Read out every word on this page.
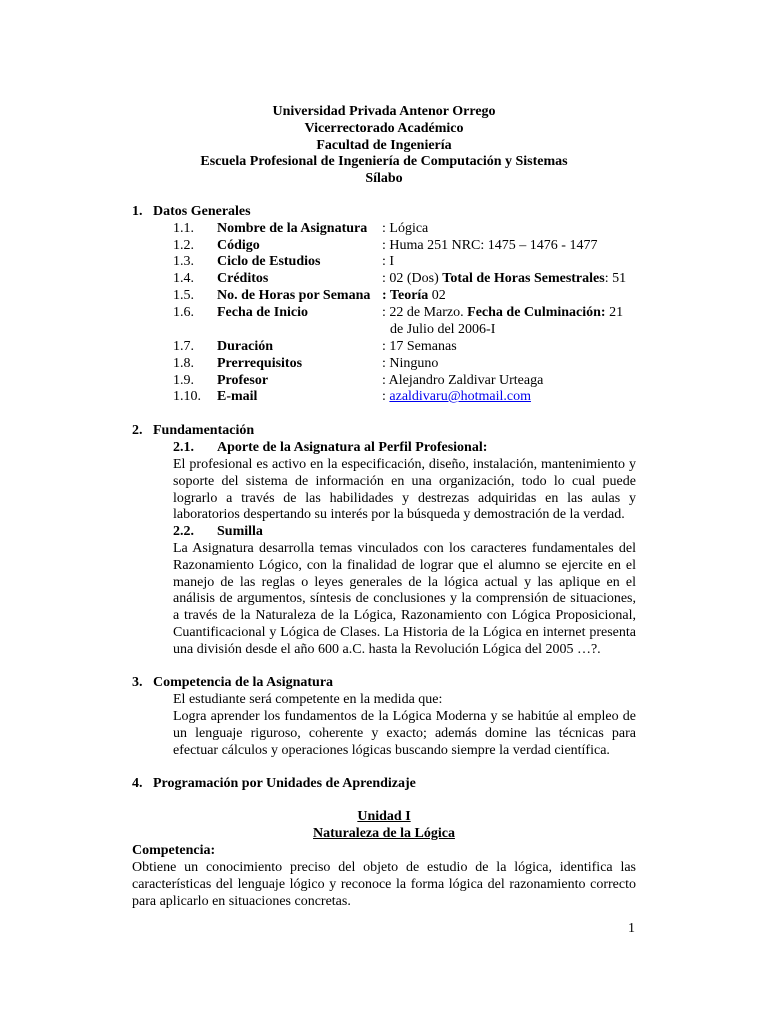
Universidad Privada Antenor Orrego
Vicerrectorado Académico
Facultad de Ingeniería
Escuela Profesional de Ingeniería de Computación y Sistemas
Sílabo
1. Datos Generales
1.1. Nombre de la Asignatura : Lógica
1.2. Código	: Huma 251 NRC: 1475 – 1476 - 1477
1.3. Ciclo de Estudios	: I
1.4. Créditos	: 02 (Dos) Total de Horas Semestrales: 51
1.5. No. de Horas por Semana : Teoría 02
1.6. Fecha de Inicio	: 22 de Marzo. Fecha de Culminación: 21
de Julio del 2006-I
1.7. Duración	: 17 Semanas
1.8. Prerrequisitos	: Ninguno
1.9. Profesor	: Alejandro Zaldivar Urteaga
1.10. E-mail	: azaldivaru@hotmail.com
2. Fundamentación
2.1. Aporte de la Asignatura al Perfil Profesional:
El profesional es activo en la especificación, diseño, instalación, mantenimiento y soporte del sistema de información en una organización, todo lo cual puede lograrlo a través de las habilidades y destrezas adquiridas en las aulas y laboratorios despertando su interés por la búsqueda y demostración de la verdad.
2.2. Sumilla
La Asignatura desarrolla temas vinculados con los caracteres fundamentales del Razonamiento Lógico, con la finalidad de lograr que el alumno se ejercite en el manejo de las reglas o leyes generales de la lógica actual y las aplique en el análisis de argumentos, síntesis de conclusiones y la comprensión de situaciones, a través de la Naturaleza de la Lógica, Razonamiento con Lógica Proposicional, Cuantificacional y Lógica de Clases. La Historia de la Lógica en internet presenta una división desde el año 600 a.C. hasta la Revolución Lógica del 2005 …?.
3. Competencia de la Asignatura
El estudiante será competente en la medida que:
Logra aprender los fundamentos de la Lógica Moderna y se habitúe al empleo de un lenguaje riguroso, coherente y exacto; además domine las técnicas para efectuar cálculos y operaciones lógicas buscando siempre la verdad científica.
4. Programación por Unidades de Aprendizaje
Unidad I
Naturaleza de la Lógica
Competencia:
Obtiene un conocimiento preciso del objeto de estudio de la lógica, identifica las características del lenguaje lógico y reconoce la forma lógica del razonamiento correcto para aplicarlo en situaciones concretas.
1
